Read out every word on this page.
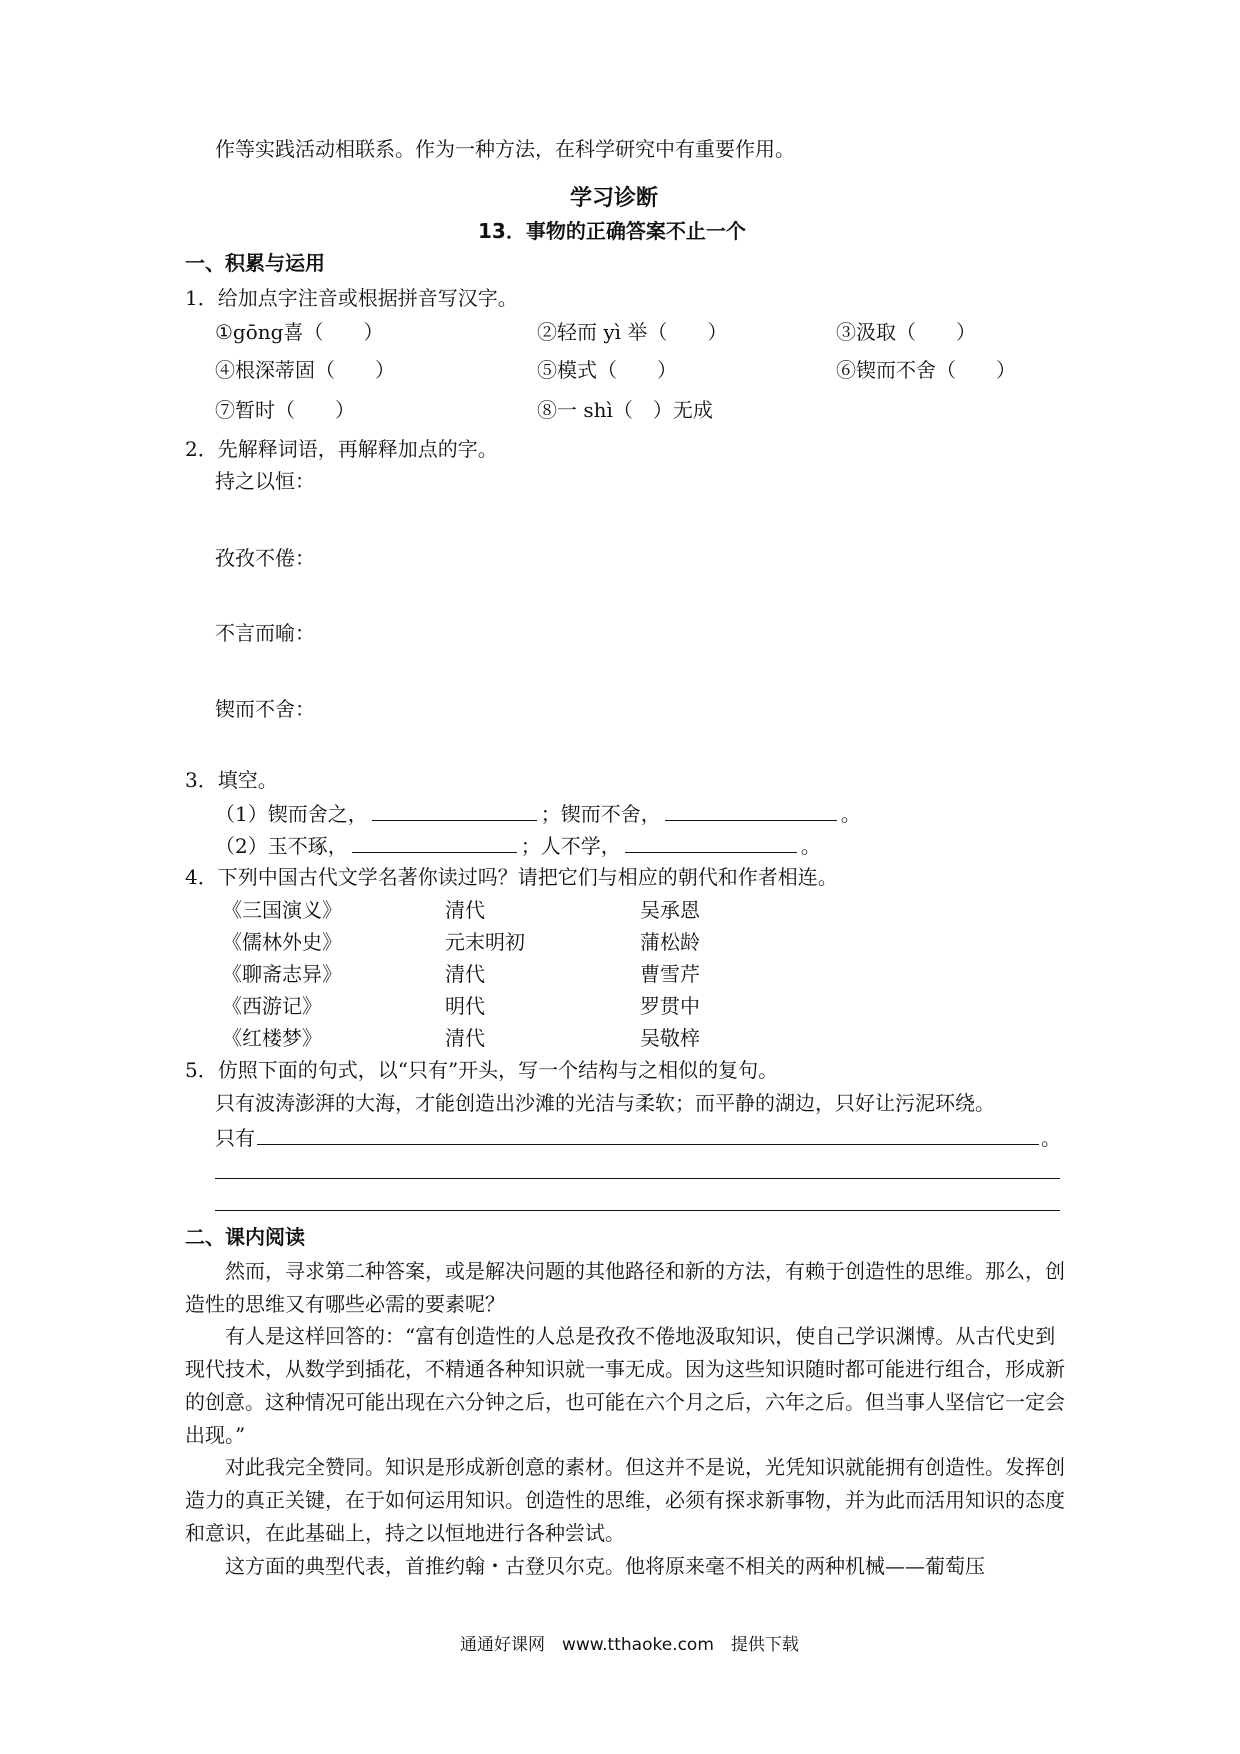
作等实践活动相联系。作为一种方法，在科学研究中有重要作用。
学习诊断
13．事物的正确答案不止一个
一、积累与运用
1．给加点字注音或根据拼音写汉字。
①gōng喜（　　）	②轻而 yì 举（　　）	③汲取（　　）
④根深蒂固（　　）	⑤模式（　　）	⑥锲而不舍（　　）
⑦暂时（　　）	⑧一 shì（　）无成
2．先解释词语，再解释加点的字。
持之以恒：
孜孜不倦：
不言而喻：
锲而不舍：
3．填空。
（1）锲而舍之，	；锲而不舍，	。
（2）玉不琢，	；人不学，	。
4．下列中国古代文学名著你读过吗？请把它们与相应的朝代和作者相连。
《三国演义》	清代	吴承恩
《儒林外史》	元末明初	蒲松龄
《聊斋志异》	清代	曹雪芹
《西游记》	明代	罗贯中
《红楼梦》	清代	吴敬梓
5．仿照下面的句式，以“只有”开头，写一个结构与之相似的复句。
只有波涛澎湃的大海，才能创造出沙滩的光洁与柔软；而平静的湖边，只好让污泥环绕。
只有	。
二、课内阅读
然而，寻求第二种答案，或是解决问题的其他路径和新的方法，有赖于创造性的思维。那么，创造性的思维又有哪些必需的要素呢？
有人是这样回答的：“富有创造性的人总是孜孜不倦地汲取知识，使自己学识渊博。从古代史到现代技术，从数学到插花，不精通各种知识就一事无成。因为这些知识随时都可能进行组合，形成新的创意。这种情况可能出现在六分钟之后，也可能在六个月之后，六年之后。但当事人坚信它一定会出现。”
对此我完全赞同。知识是形成新创意的素材。但这并不是说，光凭知识就能拥有创造性。发挥创造力的真正关键，在于如何运用知识。创造性的思维，必须有探求新事物，并为此而活用知识的态度和意识，在此基础上，持之以恒地进行各种尝试。
这方面的典型代表，首推约翰・古登贝尔克。他将原来毫不相关的两种机械——葡萄压
通通好课网　www.tthaoke.com　提供下载
